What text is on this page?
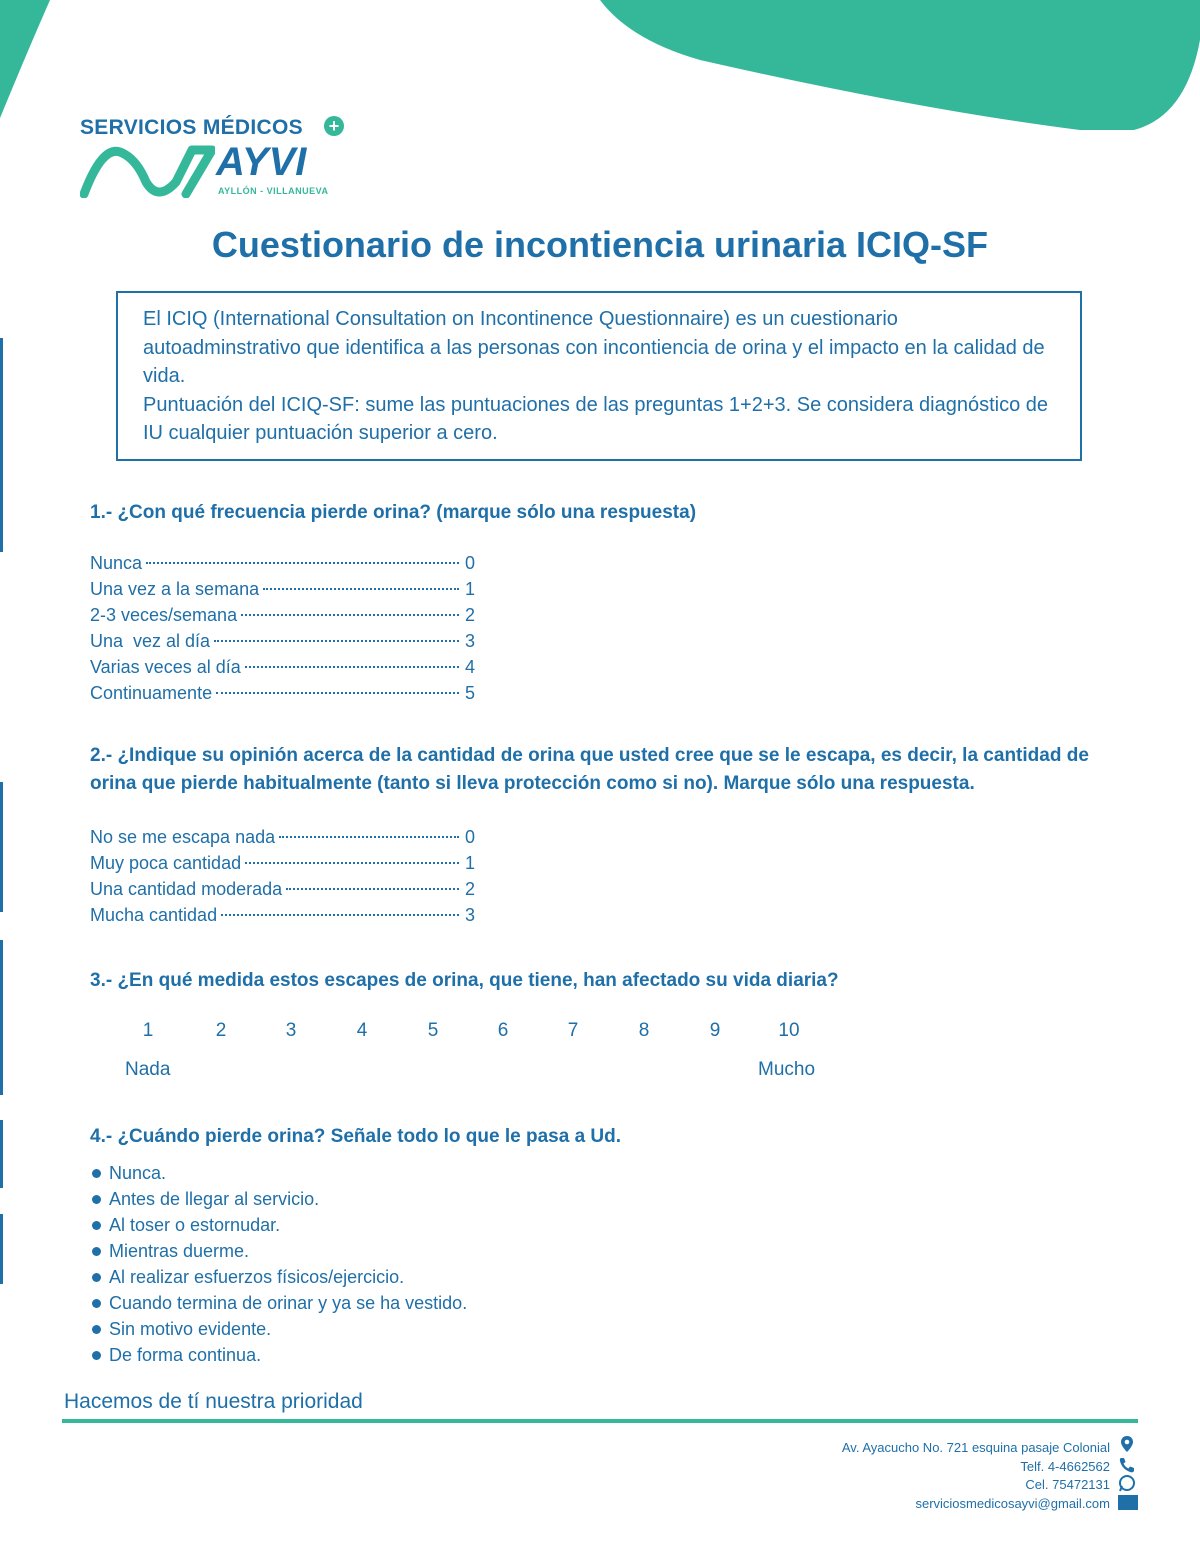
SERVICIOS MÉDICOS +
AYVI
AYLLÓN - VILLANUEVA
Cuestionario de incontiencia urinaria ICIQ-SF

El ICIQ (International Consultation on Incontinence Questionnaire) es un cuestionario autoadminstrativo que identifica a las personas con incontiencia de orina y el impacto en la calidad de vida.

Puntuación del ICIQ-SF: sume las puntuaciones de las preguntas 1+2+3. Se considera diagnóstico de IU cualquier puntuación superior a cero.

1.- ¿Con qué frecuencia pierde orina? (marque sólo una respuesta)
Nunca	0
Una vez a la semana	1
2-3 veces/semana	2
Una  vez al día	3
Varias veces al día	4
Continuamente	5
2.- ¿Indique su opinión acerca de la cantidad de orina que usted cree que se le escapa, es decir, la cantidad de orina que pierde habitualmente (tanto si lleva protección como si no). Marque sólo una respuesta.
No se me escapa nada	0
Muy poca cantidad	1
Una cantidad moderada	2
Mucha cantidad	3
3.- ¿En qué medida estos escapes de orina, que tiene, han afectado su vida diaria?
1	2	3	4	5	6	7	8	9	10
Nada	Mucho
4.- ¿Cuándo pierde orina? Señale todo lo que le pasa a Ud.
Nunca.
Antes de llegar al servicio.
Al toser o estornudar.
Mientras duerme.
Al realizar esfuerzos físicos/ejercicio.
Cuando termina de orinar y ya se ha vestido.
Sin motivo evidente.
De forma continua.
Hacemos de tí nuestra prioridad
Av. Ayacucho No. 721 esquina pasaje Colonial
Telf. 4-4662562
Cel. 75472131
serviciosmedicosayvi@gmail.com
